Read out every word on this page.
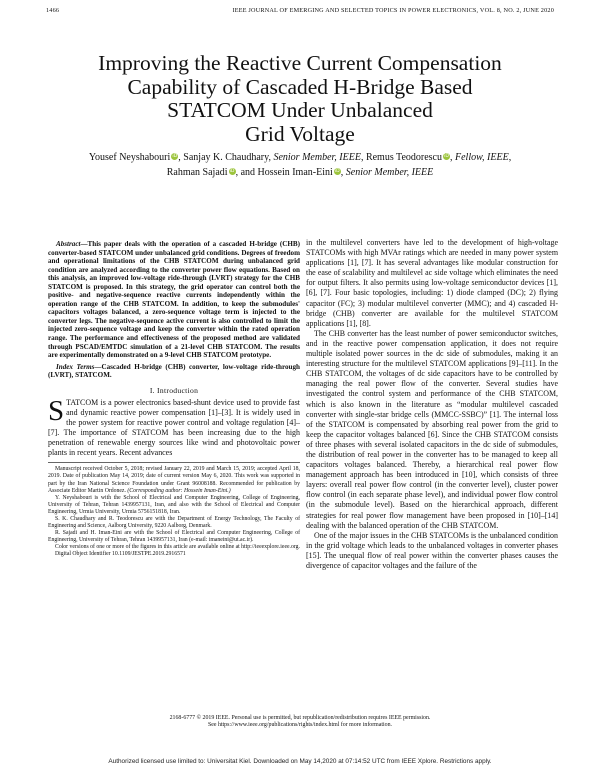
1466	IEEE JOURNAL OF EMERGING AND SELECTED TOPICS IN POWER ELECTRONICS, VOL. 8, NO. 2, JUNE 2020
Improving the Reactive Current Compensation
Capability of Cascaded H-Bridge Based
STATCOM Under Unbalanced
Grid Voltage
Yousef Neyshabouri iD, Sanjay K. Chaudhary, Senior Member, IEEE, Remus Teodorescu iD, Fellow, IEEE,
Rahman Sajadi iD, and Hossein Iman-Eini iD, Senior Member, IEEE

Abstract—This paper deals with the operation of a cascaded H-bridge (CHB) converter-based STATCOM under unbalanced grid conditions. Degrees of freedom and operational limitations of the CHB STATCOM during unbalanced grid condition are analyzed according to the converter power flow equations. Based on this analysis, an improved low-voltage ride-through (LVRT) strategy for the CHB STATCOM is proposed. In this strategy, the grid operator can control both the positive- and negative-sequence reactive currents independently within the operation range of the CHB STATCOM. In addition, to keep the submodules' capacitors voltages balanced, a zero-sequence voltage term is injected to the converter legs. The negative-sequence active current is also controlled to limit the injected zero-sequence voltage and keep the converter within the rated operation range. The performance and effectiveness of the proposed method are validated through PSCAD/EMTDC simulation of a 21-level CHB STATCOM. The results are experimentally demonstrated on a 9-level CHB STATCOM prototype.

Index Terms—Cascaded H-bridge (CHB) converter, low-voltage ride-through (LVRT), STATCOM.

I. Introduction

STATCOM is a power electronics based-shunt device used to provide fast and dynamic reactive power compensation [1]–[3]. It is widely used in the power system for reactive power control and voltage regulation [4]–[7]. The importance of STATCOM has been increasing due to the high penetration of renewable energy sources like wind and photovoltaic power plants in recent years. Recent advances

Manuscript received October 5, 2018; revised January 22, 2019 and March 15, 2019; accepted April 18, 2019. Date of publication May 14, 2019; date of current version May 6, 2020. This work was supported in part by the Iran National Science Foundation under Grant 96008188. Recommended for publication by Associate Editor Martin Ordonez. (Corresponding author: Hossein Iman-Eini.)

Y. Neyshabouri is with the School of Electrical and Computer Engineering, College of Engineering, University of Tehran, Tehran 1439957131, Iran, and also with the School of Electrical and Computer Engineering, Urmia University, Urmia 5756151818, Iran.

S. K. Chaudhary and R. Teodorescu are with the Department of Energy Technology, The Faculty of Engineering and Science, Aalborg University, 9220 Aalborg, Denmark.

R. Sajadi and H. Iman-Eini are with the School of Electrical and Computer Engineering, College of Engineering, University of Tehran, Tehran 1439957131, Iran (e-mail: imaneini@ut.ac.ir).

Color versions of one or more of the figures in this article are available online at http://ieeexplore.ieee.org.

Digital Object Identifier 10.1109/JESTPE.2019.2916571

in the multilevel converters have led to the development of high-voltage STATCOMs with high MVAr ratings which are needed in many power system applications [1], [7]. It has several advantages like modular construction for the ease of scalability and multilevel ac side voltage which eliminates the need for output filters. It also permits using low-voltage semiconductor devices [1], [6], [7]. Four basic topologies, including: 1) diode clamped (DC); 2) flying capacitor (FC); 3) modular multilevel converter (MMC); and 4) cascaded H-bridge (CHB) converter are available for the multilevel STATCOM applications [1], [8].

The CHB converter has the least number of power semiconductor switches, and in the reactive power compensation application, it does not require multiple isolated power sources in the dc side of submodules, making it an interesting structure for the multilevel STATCOM applications [9]–[11]. In the CHB STATCOM, the voltages of dc side capacitors have to be controlled by managing the real power flow of the converter. Several studies have investigated the control system and performance of the CHB STATCOM, which is also known in the literature as “modular multilevel cascaded converter with single-star bridge cells (MMCC-SSBC)” [1]. The internal loss of the STATCOM is compensated by absorbing real power from the grid to keep the capacitor voltages balanced [6]. Since the CHB STATCOM consists of three phases with several isolated capacitors in the dc side of submodules, the distribution of real power in the converter has to be managed to keep all capacitors voltages balanced. Thereby, a hierarchical real power flow management approach has been introduced in [10], which consists of three layers: overall real power flow control (in the converter level), cluster power flow control (in each separate phase level), and individual power flow control (in the submodule level). Based on the hierarchical approach, different strategies for real power flow management have been proposed in [10]–[14] dealing with the balanced operation of the CHB STATCOM.

One of the major issues in the CHB STATCOMs is the unbalanced condition in the grid voltage which leads to the unbalanced voltages in converter phases [15]. The unequal flow of real power within the converter phases causes the divergence of capacitor voltages and the failure of the

2168-6777 © 2019 IEEE. Personal use is permitted, but republication/redistribution requires IEEE permission.
See https://www.ieee.org/publications/rights/index.html for more information.
Authorized licensed use limited to: Universitat Kiel. Downloaded on May 14,2020 at 07:14:52 UTC from IEEE Xplore. Restrictions apply.
